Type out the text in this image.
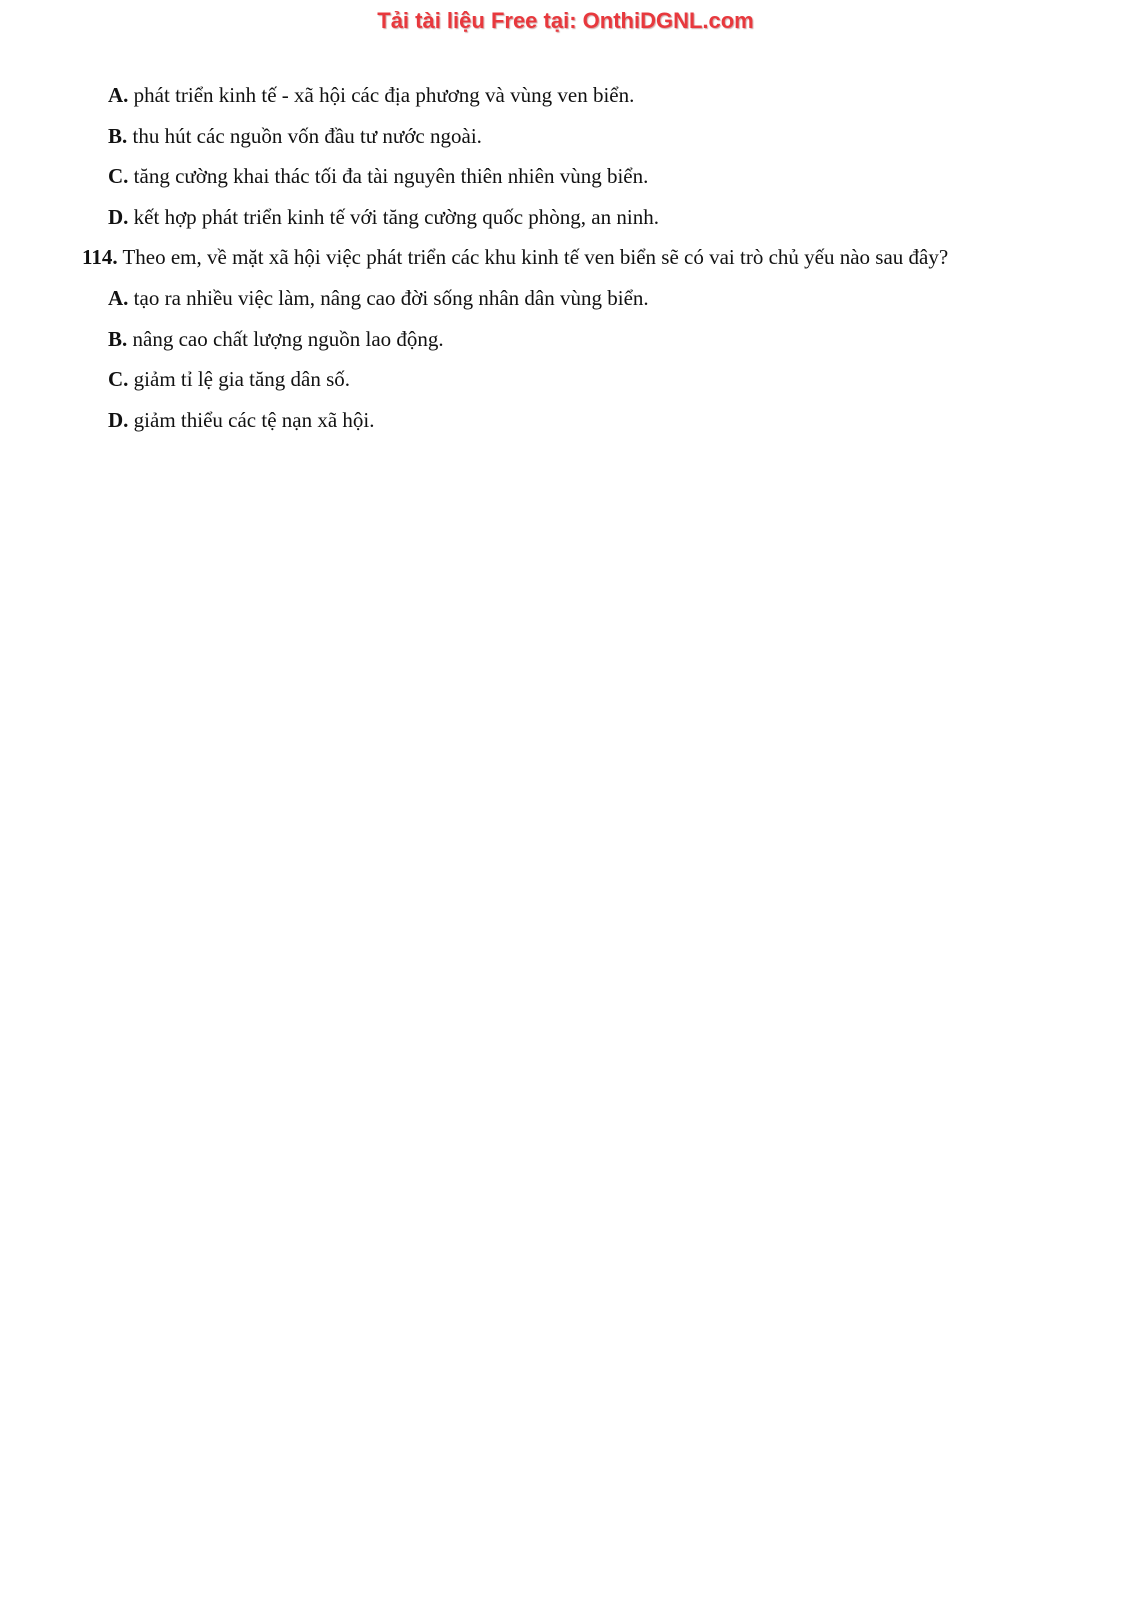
Tải tài liệu Free tại: OnthiDGNL.com
A. phát triển kinh tế - xã hội các địa phương và vùng ven biển.
B. thu hút các nguồn vốn đầu tư nước ngoài.
C. tăng cường khai thác tối đa tài nguyên thiên nhiên vùng biển.
D. kết hợp phát triển kinh tế với tăng cường quốc phòng, an ninh.
114. Theo em, về mặt xã hội việc phát triển các khu kinh tế ven biển sẽ có vai trò chủ yếu nào sau đây?
A. tạo ra nhiều việc làm, nâng cao đời sống nhân dân vùng biển.
B. nâng cao chất lượng nguồn lao động.
C. giảm tỉ lệ gia tăng dân số.
D. giảm thiểu các tệ nạn xã hội.
